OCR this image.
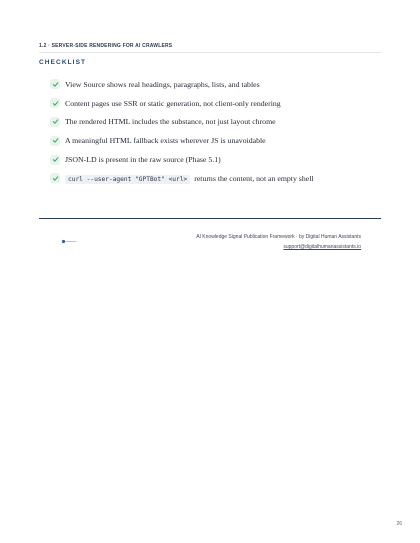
1.2 · SERVER-SIDE RENDERING FOR AI CRAWLERS
CHECKLIST
View Source shows real headings, paragraphs, lists, and tables
Content pages use SSR or static generation, not client-only rendering
The rendered HTML includes the substance, not just layout chrome
A meaningful HTML fallback exists wherever JS is unavoidable
JSON-LD is present in the raw source (Phase 5.1)
curl --user-agent "GPTBot" <url> returns the content, not an empty shell
AI Knowledge Signal Publication Framework · by Digital Human Assistants
support@digitalhumanassistants.io
26
